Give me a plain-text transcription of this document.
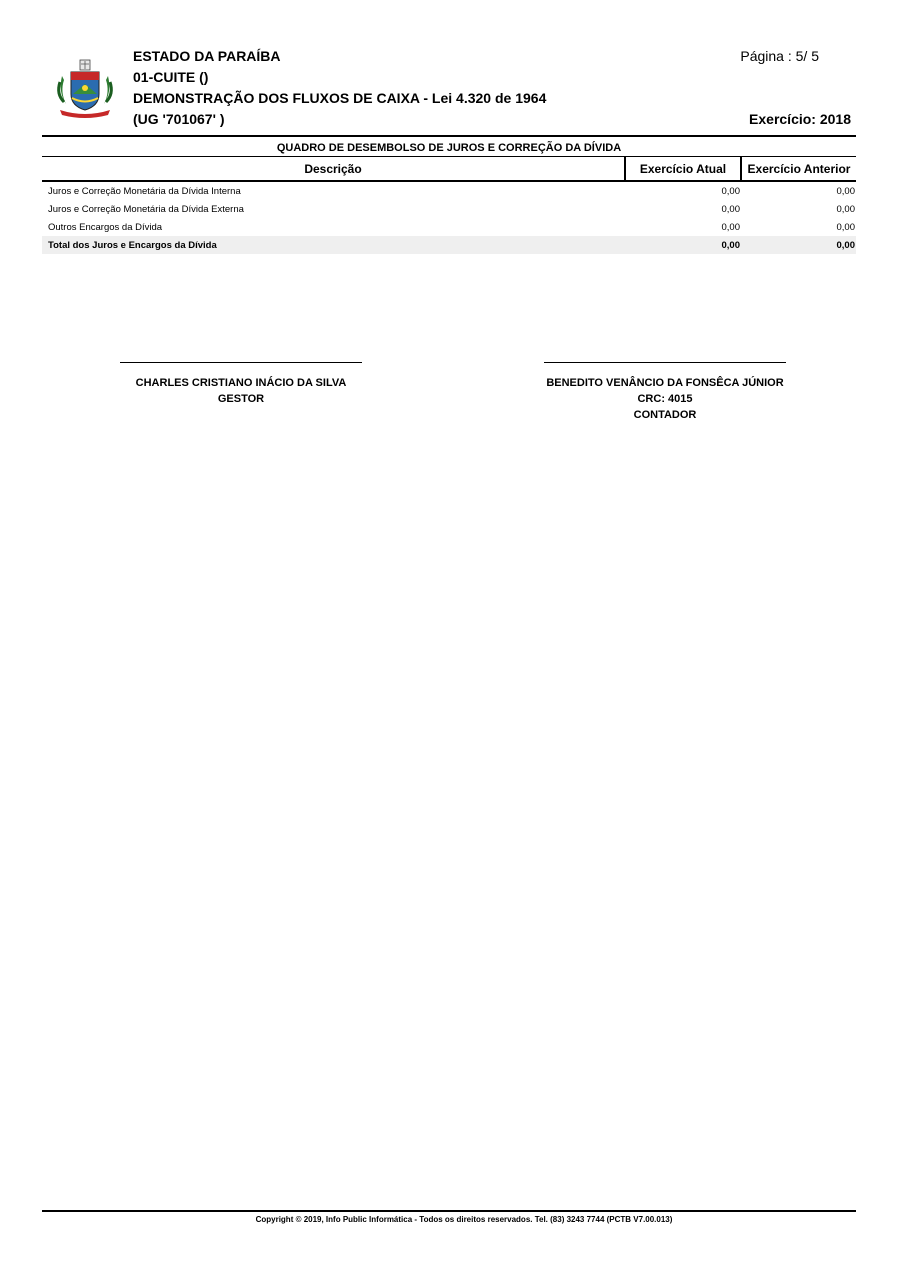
ESTADO DA PARAÍBA
01-CUITE ()
DEMONSTRAÇÃO DOS FLUXOS DE CAIXA - Lei 4.320 de 1964
(UG '701067' )
Página : 5/ 5
Exercício: 2018
QUADRO DE DESEMBOLSO DE JUROS E CORREÇÃO DA DÍVIDA
Descrição	Exercício Atual	Exercício Anterior
Juros e Correção Monetária da Dívida Interna	0,00	0,00
Juros e Correção Monetária da Dívida Externa	0,00	0,00
Outros Encargos da Dívida	0,00	0,00
Total dos Juros e Encargos da Dívida	0,00	0,00
CHARLES CRISTIANO INÁCIO DA SILVA
GESTOR
BENEDITO VENÂNCIO DA FONSÊCA JÚNIOR
CRC: 4015
CONTADOR
Copyright © 2019, Info Public Informática - Todos os direitos reservados. Tel. (83) 3243 7744 (PCTB V7.00.013)
